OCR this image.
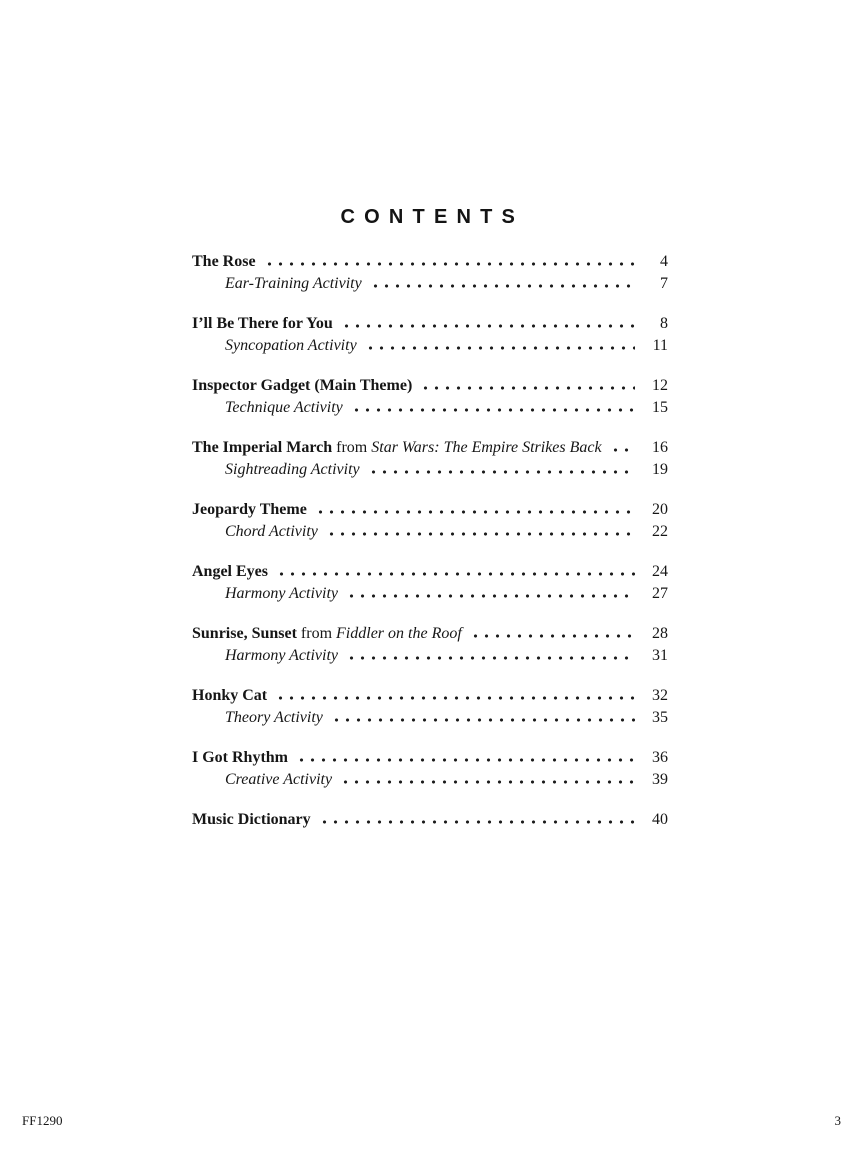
CONTENTS
The Rose	4
Ear-Training Activity	7
I’ll Be There for You	8
Syncopation Activity	11
Inspector Gadget (Main Theme)	12
Technique Activity	15
The Imperial March from Star Wars: The Empire Strikes Back	16
Sightreading Activity	19
Jeopardy Theme	20
Chord Activity	22
Angel Eyes	24
Harmony Activity	27
Sunrise, Sunset from Fiddler on the Roof	28
Harmony Activity	31
Honky Cat	32
Theory Activity	35
I Got Rhythm	36
Creative Activity	39
Music Dictionary	40
FF1290	3
